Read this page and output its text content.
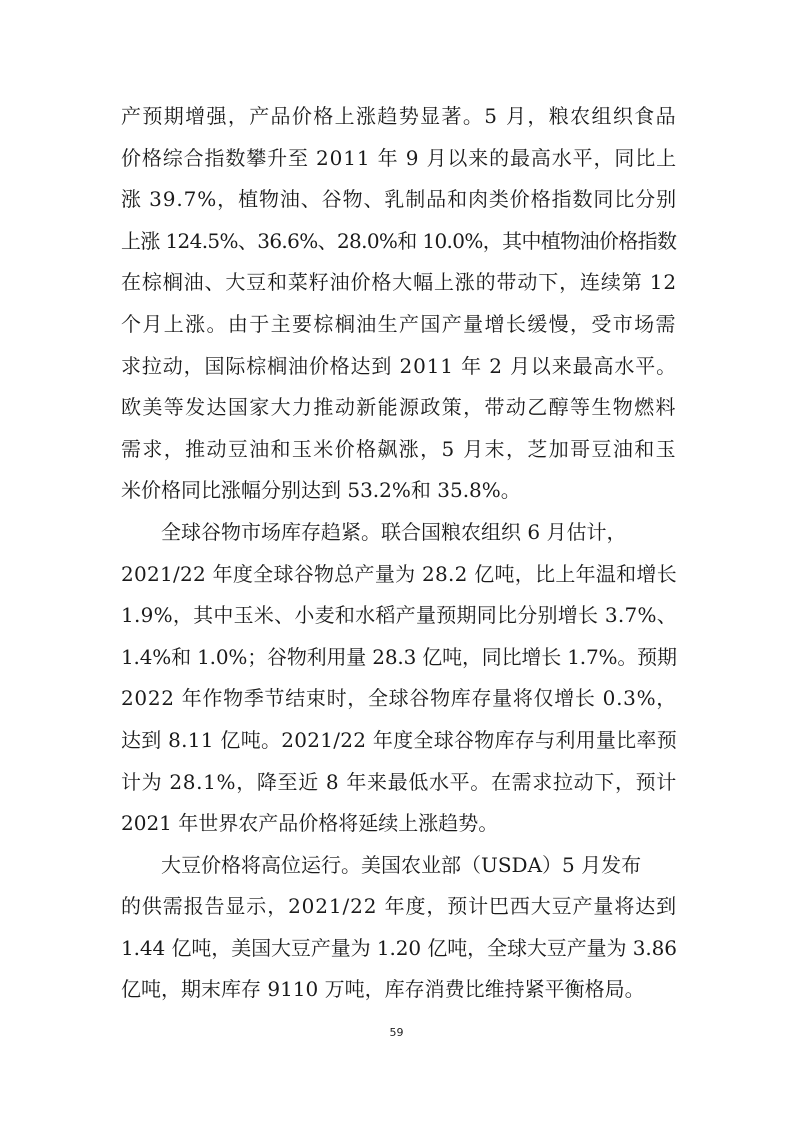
产预期增强，产品价格上涨趋势显著。5 月，粮农组织食品
价格综合指数攀升至 2011 年 9 月以来的最高水平，同比上
涨 39.7%，植物油、谷物、乳制品和肉类价格指数同比分别
上涨 124.5%、36.6%、28.0%和 10.0%，其中植物油价格指数
在棕榈油、大豆和菜籽油价格大幅上涨的带动下，连续第 12
个月上涨。由于主要棕榈油生产国产量增长缓慢，受市场需
求拉动，国际棕榈油价格达到 2011 年 2 月以来最高水平。
欧美等发达国家大力推动新能源政策，带动乙醇等生物燃料
需求，推动豆油和玉米价格飙涨，5 月末，芝加哥豆油和玉
米价格同比涨幅分别达到 53.2%和 35.8%。
全球谷物市场库存趋紧。联合国粮农组织 6 月估计，
2021/22 年度全球谷物总产量为 28.2 亿吨，比上年温和增长
1.9%，其中玉米、小麦和水稻产量预期同比分别增长 3.7%、
1.4%和 1.0%；谷物利用量 28.3 亿吨，同比增长 1.7%。预期
2022 年作物季节结束时，全球谷物库存量将仅增长 0.3%，
达到 8.11 亿吨。2021/22 年度全球谷物库存与利用量比率预
计为 28.1%，降至近 8 年来最低水平。在需求拉动下，预计
2021 年世界农产品价格将延续上涨趋势。
大豆价格将高位运行。美国农业部（USDA）5 月发布
的供需报告显示，2021/22 年度，预计巴西大豆产量将达到
1.44 亿吨，美国大豆产量为 1.20 亿吨，全球大豆产量为 3.86
亿吨，期末库存 9110 万吨，库存消费比维持紧平衡格局。
59
